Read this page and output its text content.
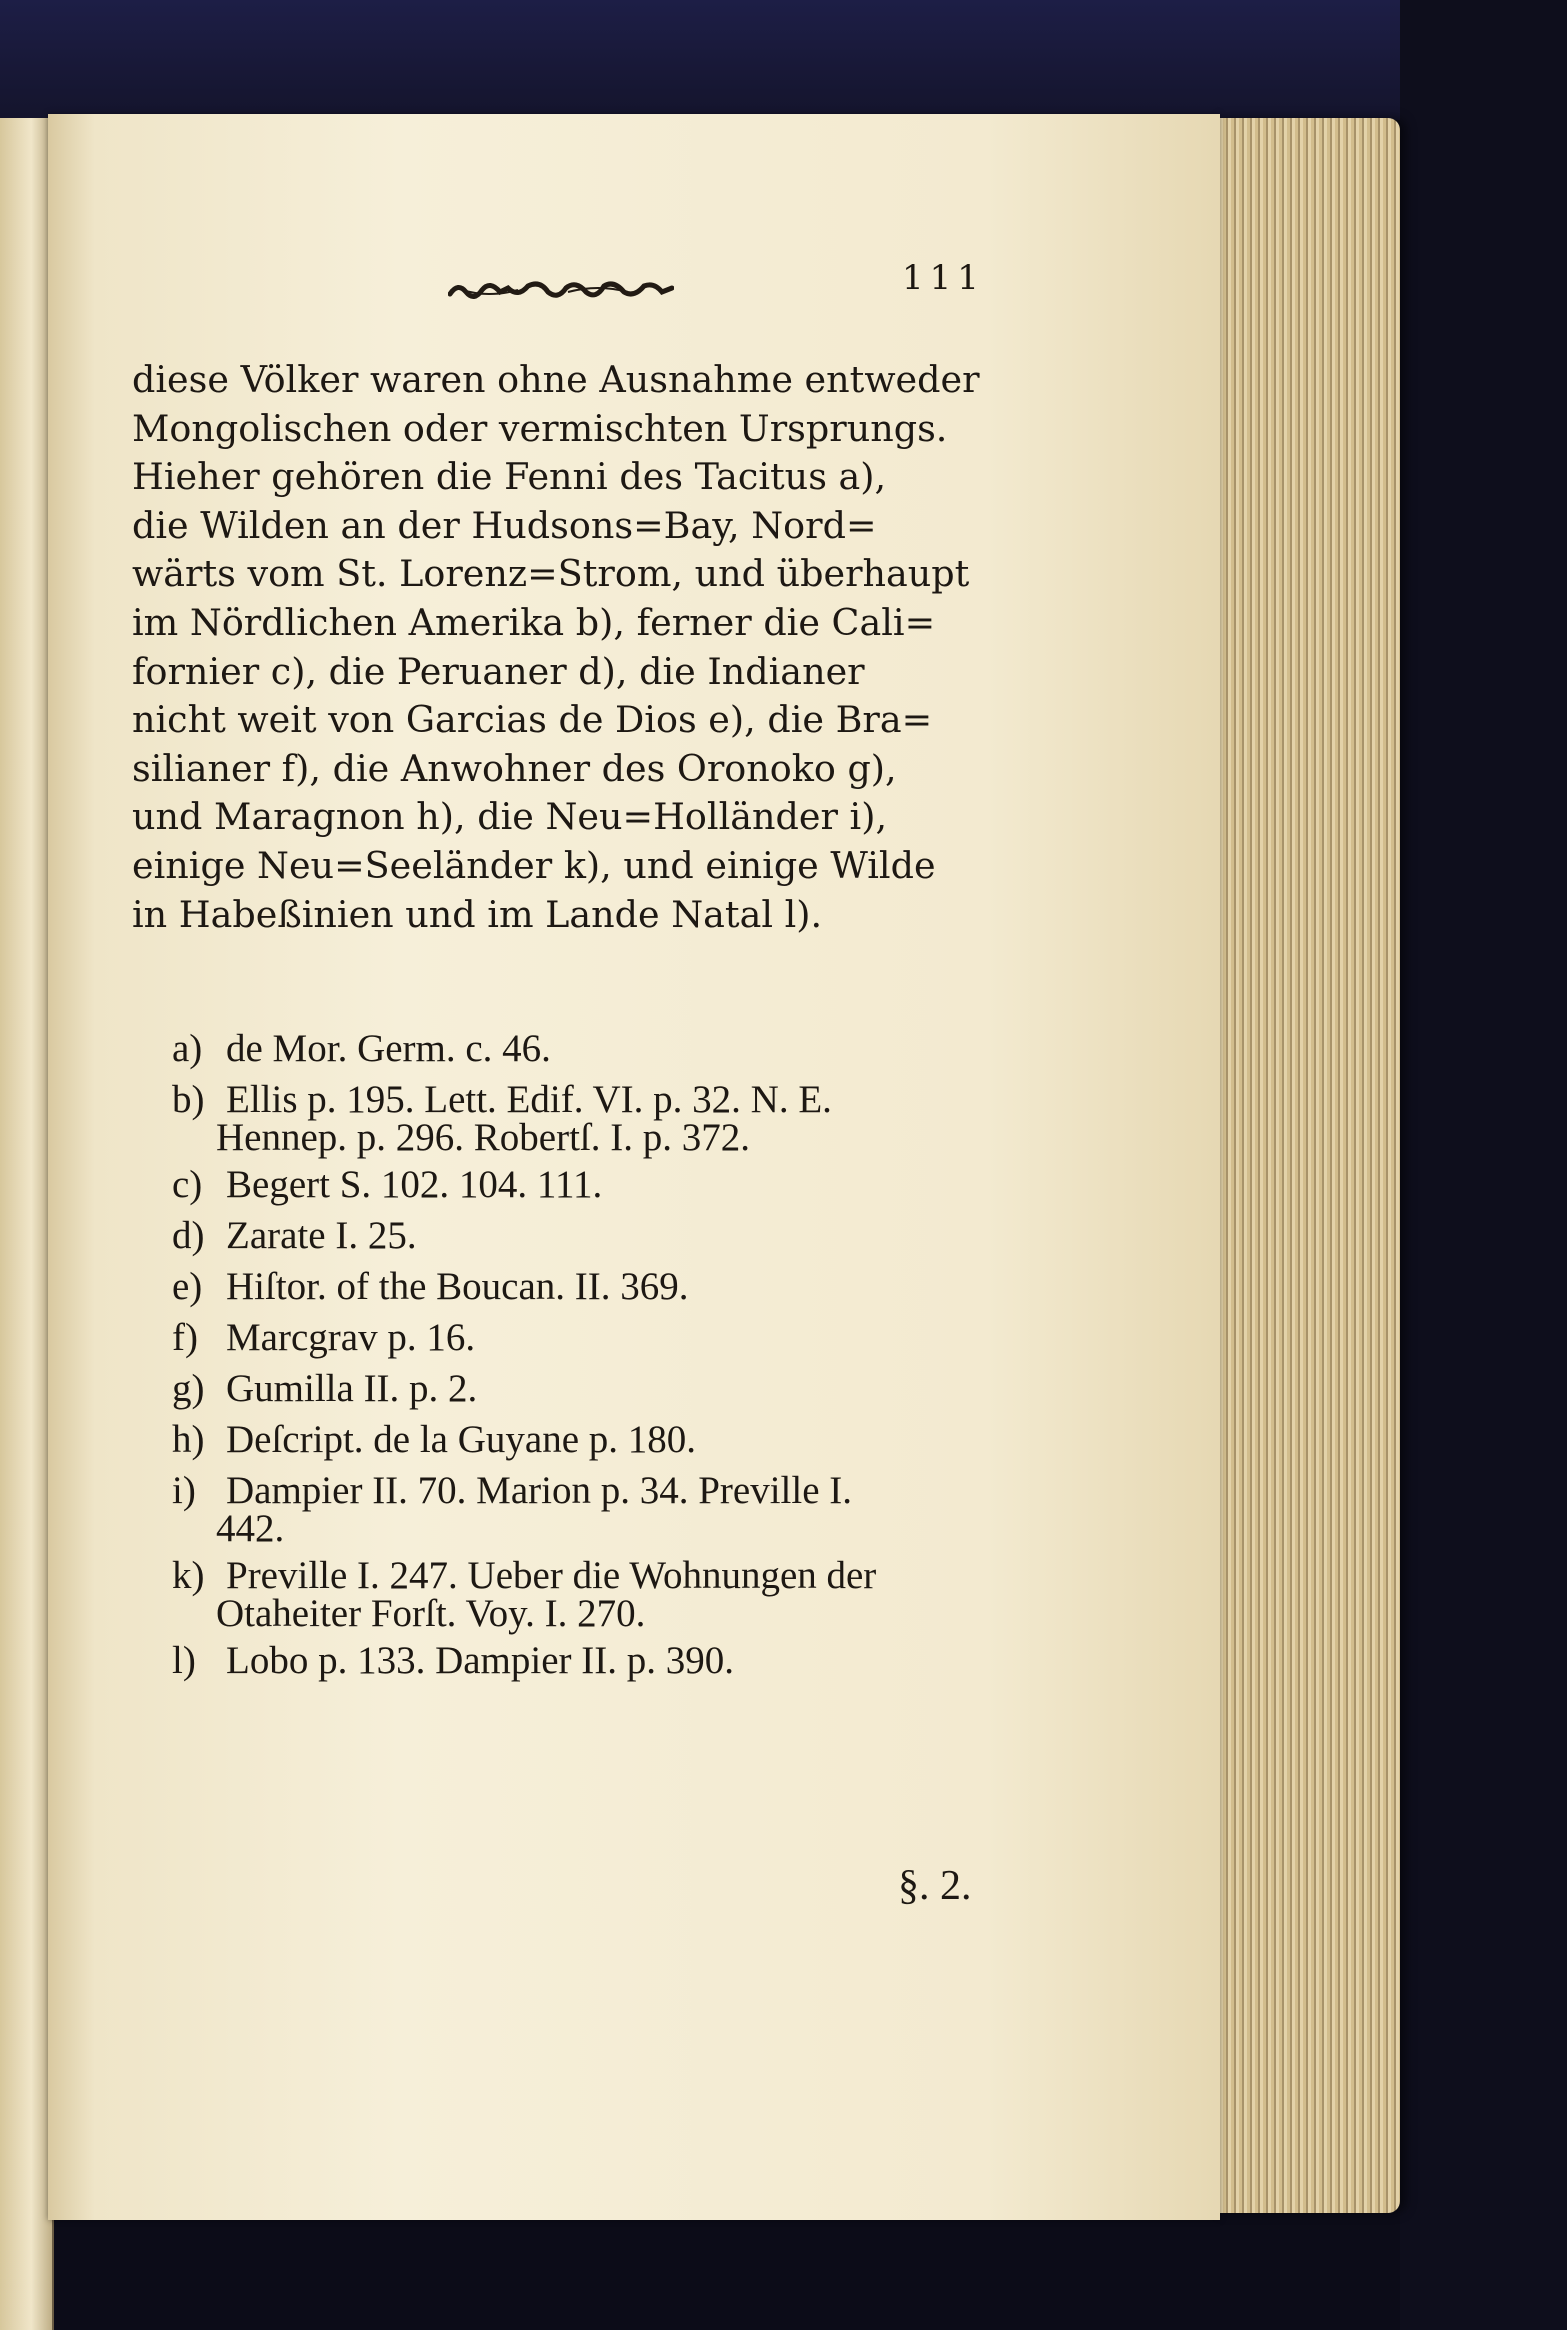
111
diese Völker waren ohne Ausnahme entweder
Mongolischen oder vermischten Ursprungs.
Hieher gehören die Fenni des Tacitus a),
die Wilden an der Hudsons=Bay, Nord=
wärts vom St. Lorenz=Strom, und überhaupt
im Nördlichen Amerika b), ferner die Cali=
fornier c), die Peruaner d), die Indianer
nicht weit von Garcias de Dios e), die Bra=
silianer f), die Anwohner des Oronoko g),
und Maragnon h), die Neu=Holländer i),
einige Neu=Seeländer k), und einige Wilde
in Habeßinien und im Lande Natal l).
a) de Mor. Germ. c. 46.
b) Ellis p. 195. Lett. Edif. VI. p. 32. N. E.
Hennep. p. 296. Robertſ. I. p. 372.
c) Begert S. 102. 104. 111.
d) Zarate I. 25.
e) Hiſtor. of the Boucan. II. 369.
f) Marcgrav p. 16.
g) Gumilla II. p. 2.
h) Deſcript. de la Guyane p. 180.
i) Dampier II. 70. Marion p. 34. Preville I.
442.
k) Preville I. 247. Ueber die Wohnungen der
Otaheiter Forſt. Voy. I. 270.
l) Lobo p. 133. Dampier II. p. 390.
§. 2.
